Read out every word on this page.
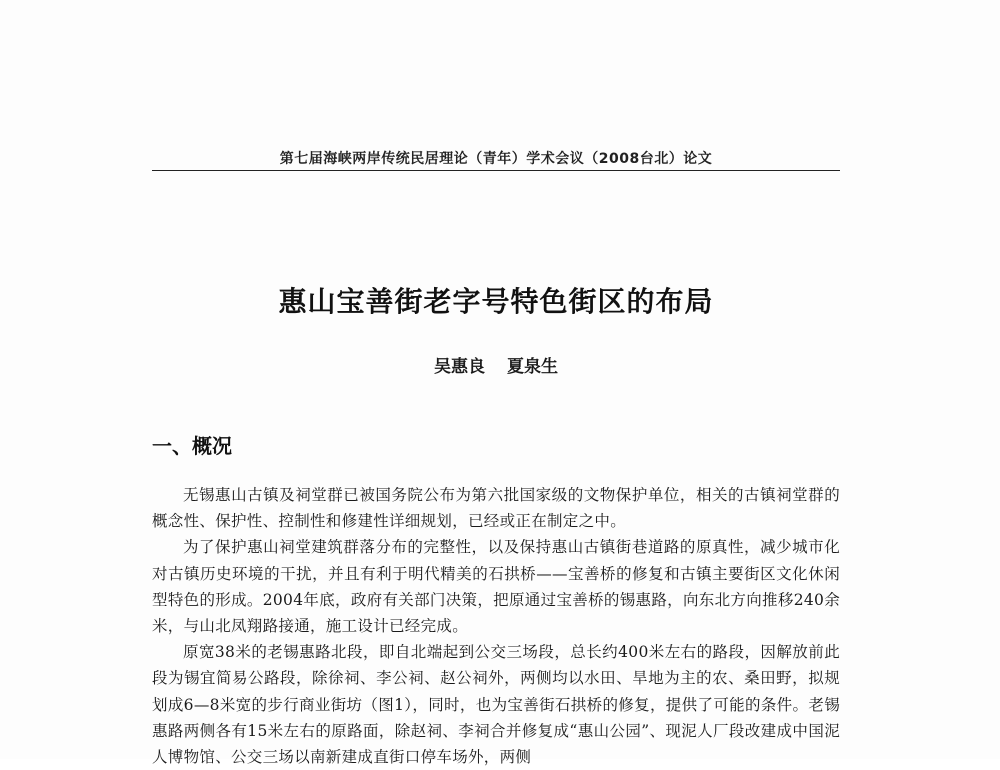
第七届海峡两岸传统民居理论（青年）学术会议（2008台北）论文
惠山宝善街老字号特色街区的布局
吴惠良 夏泉生
一、概况

无锡惠山古镇及祠堂群已被国务院公布为第六批国家级的文物保护单位，相关的古镇祠堂群的概念性、保护性、控制性和修建性详细规划，已经或正在制定之中。

为了保护惠山祠堂建筑群落分布的完整性，以及保持惠山古镇街巷道路的原真性，减少城市化对古镇历史环境的干扰，并且有利于明代精美的石拱桥——宝善桥的修复和古镇主要街区文化休闲型特色的形成。2004年底，政府有关部门决策，把原通过宝善桥的锡惠路，向东北方向推移240余米，与山北凤翔路接通，施工设计已经完成。

原宽38米的老锡惠路北段，即自北端起到公交三场段，总长约400米左右的路段，因解放前此段为锡宜简易公路段，除徐祠、李公祠、赵公祠外，两侧均以水田、旱地为主的农、桑田野，拟规划成6—8米宽的步行商业街坊（图1），同时，也为宝善街石拱桥的修复，提供了可能的条件。老锡惠路两侧各有15米左右的原路面，除赵祠、李祠合并修复成“惠山公园”、现泥人厂段改建成中国泥人博物馆、公交三场以南新建成直街口停车场外，两侧
